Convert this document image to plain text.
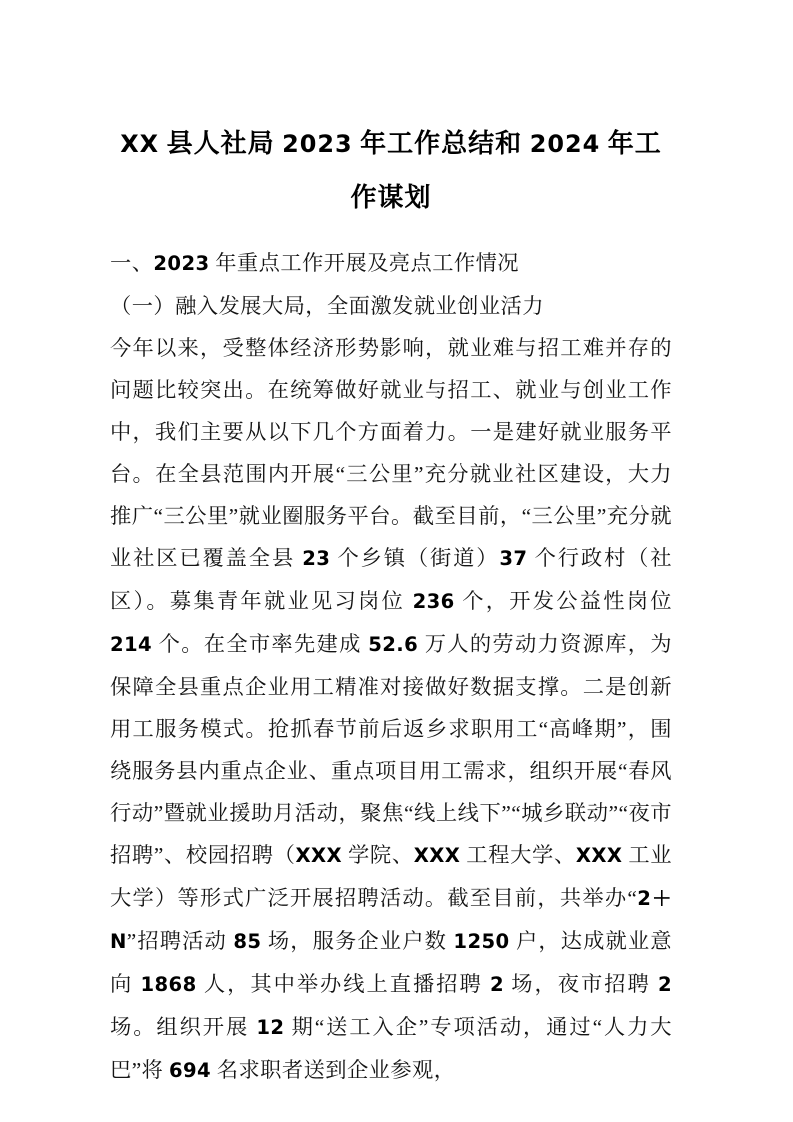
XX 县人社局 2023 年工作总结和 2024 年工
作谋划

一、2023 年重点工作开展及亮点工作情况

（一）融入发展大局，全面激发就业创业活力

今年以来，受整体经济形势影响，就业难与招工难并存的问题比较突出。在统筹做好就业与招工、就业与创业工作中，我们主要从以下几个方面着力。一是建好就业服务平台。在全县范围内开展“三公里”充分就业社区建设，大力推广“三公里”就业圈服务平台。截至目前，“三公里”充分就业社区已覆盖全县 23 个乡镇（街道）37 个行政村（社区）。募集青年就业见习岗位 236 个，开发公益性岗位 214 个。在全市率先建成 52.6 万人的劳动力资源库，为保障全县重点企业用工精准对接做好数据支撑。二是创新用工服务模式。抢抓春节前后返乡求职用工“高峰期”，围绕服务县内重点企业、重点项目用工需求，组织开展“春风行动”暨就业援助月活动，聚焦“线上线下”“城乡联动”“夜市招聘”、校园招聘（XXX 学院、XXX 工程大学、XXX 工业大学）等形式广泛开展招聘活动。截至目前，共举办“2＋N”招聘活动 85 场，服务企业户数 1250 户，达成就业意向 1868 人，其中举办线上直播招聘 2 场，夜市招聘 2 场。组织开展 12 期“送工入企”专项活动，通过“人力大巴”将 694 名求职者送到企业参观，
